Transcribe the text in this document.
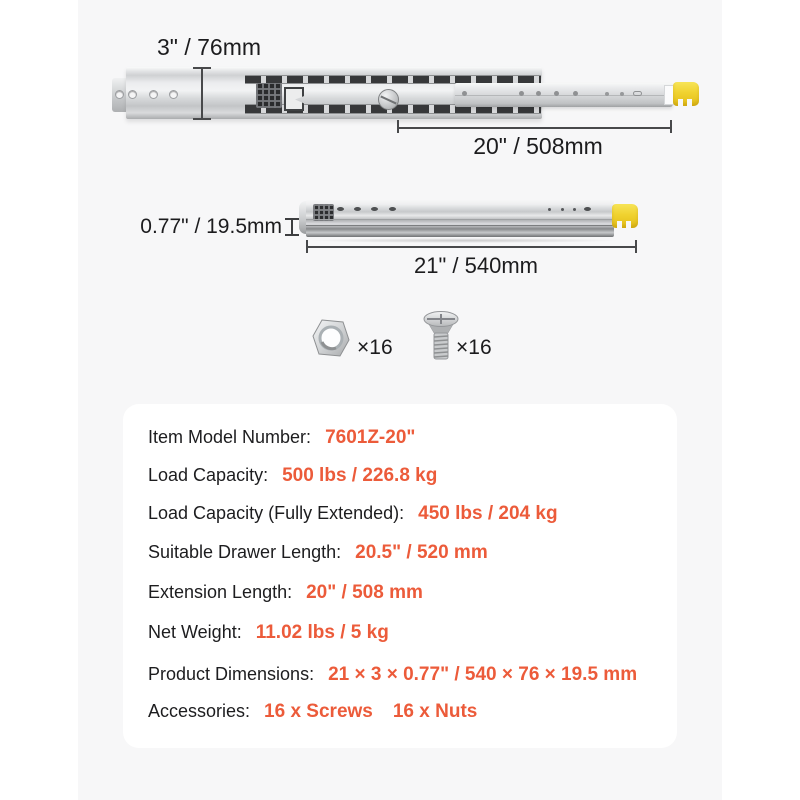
3" / 76mm
20" / 508mm
0.77" / 19.5mm
21" / 540mm
×16	×16
Item Model Number: 7601Z-20"
Load Capacity: 500 lbs / 226.8 kg
Load Capacity (Fully Extended): 450 lbs / 204 kg
Suitable Drawer Length: 20.5" / 520 mm
Extension Length: 20" / 508 mm
Net Weight: 11.02 lbs / 5 kg
Product Dimensions: 21 × 3 × 0.77" / 540 × 76 × 19.5 mm
Accessories: 16 x Screws 16 x Nuts
